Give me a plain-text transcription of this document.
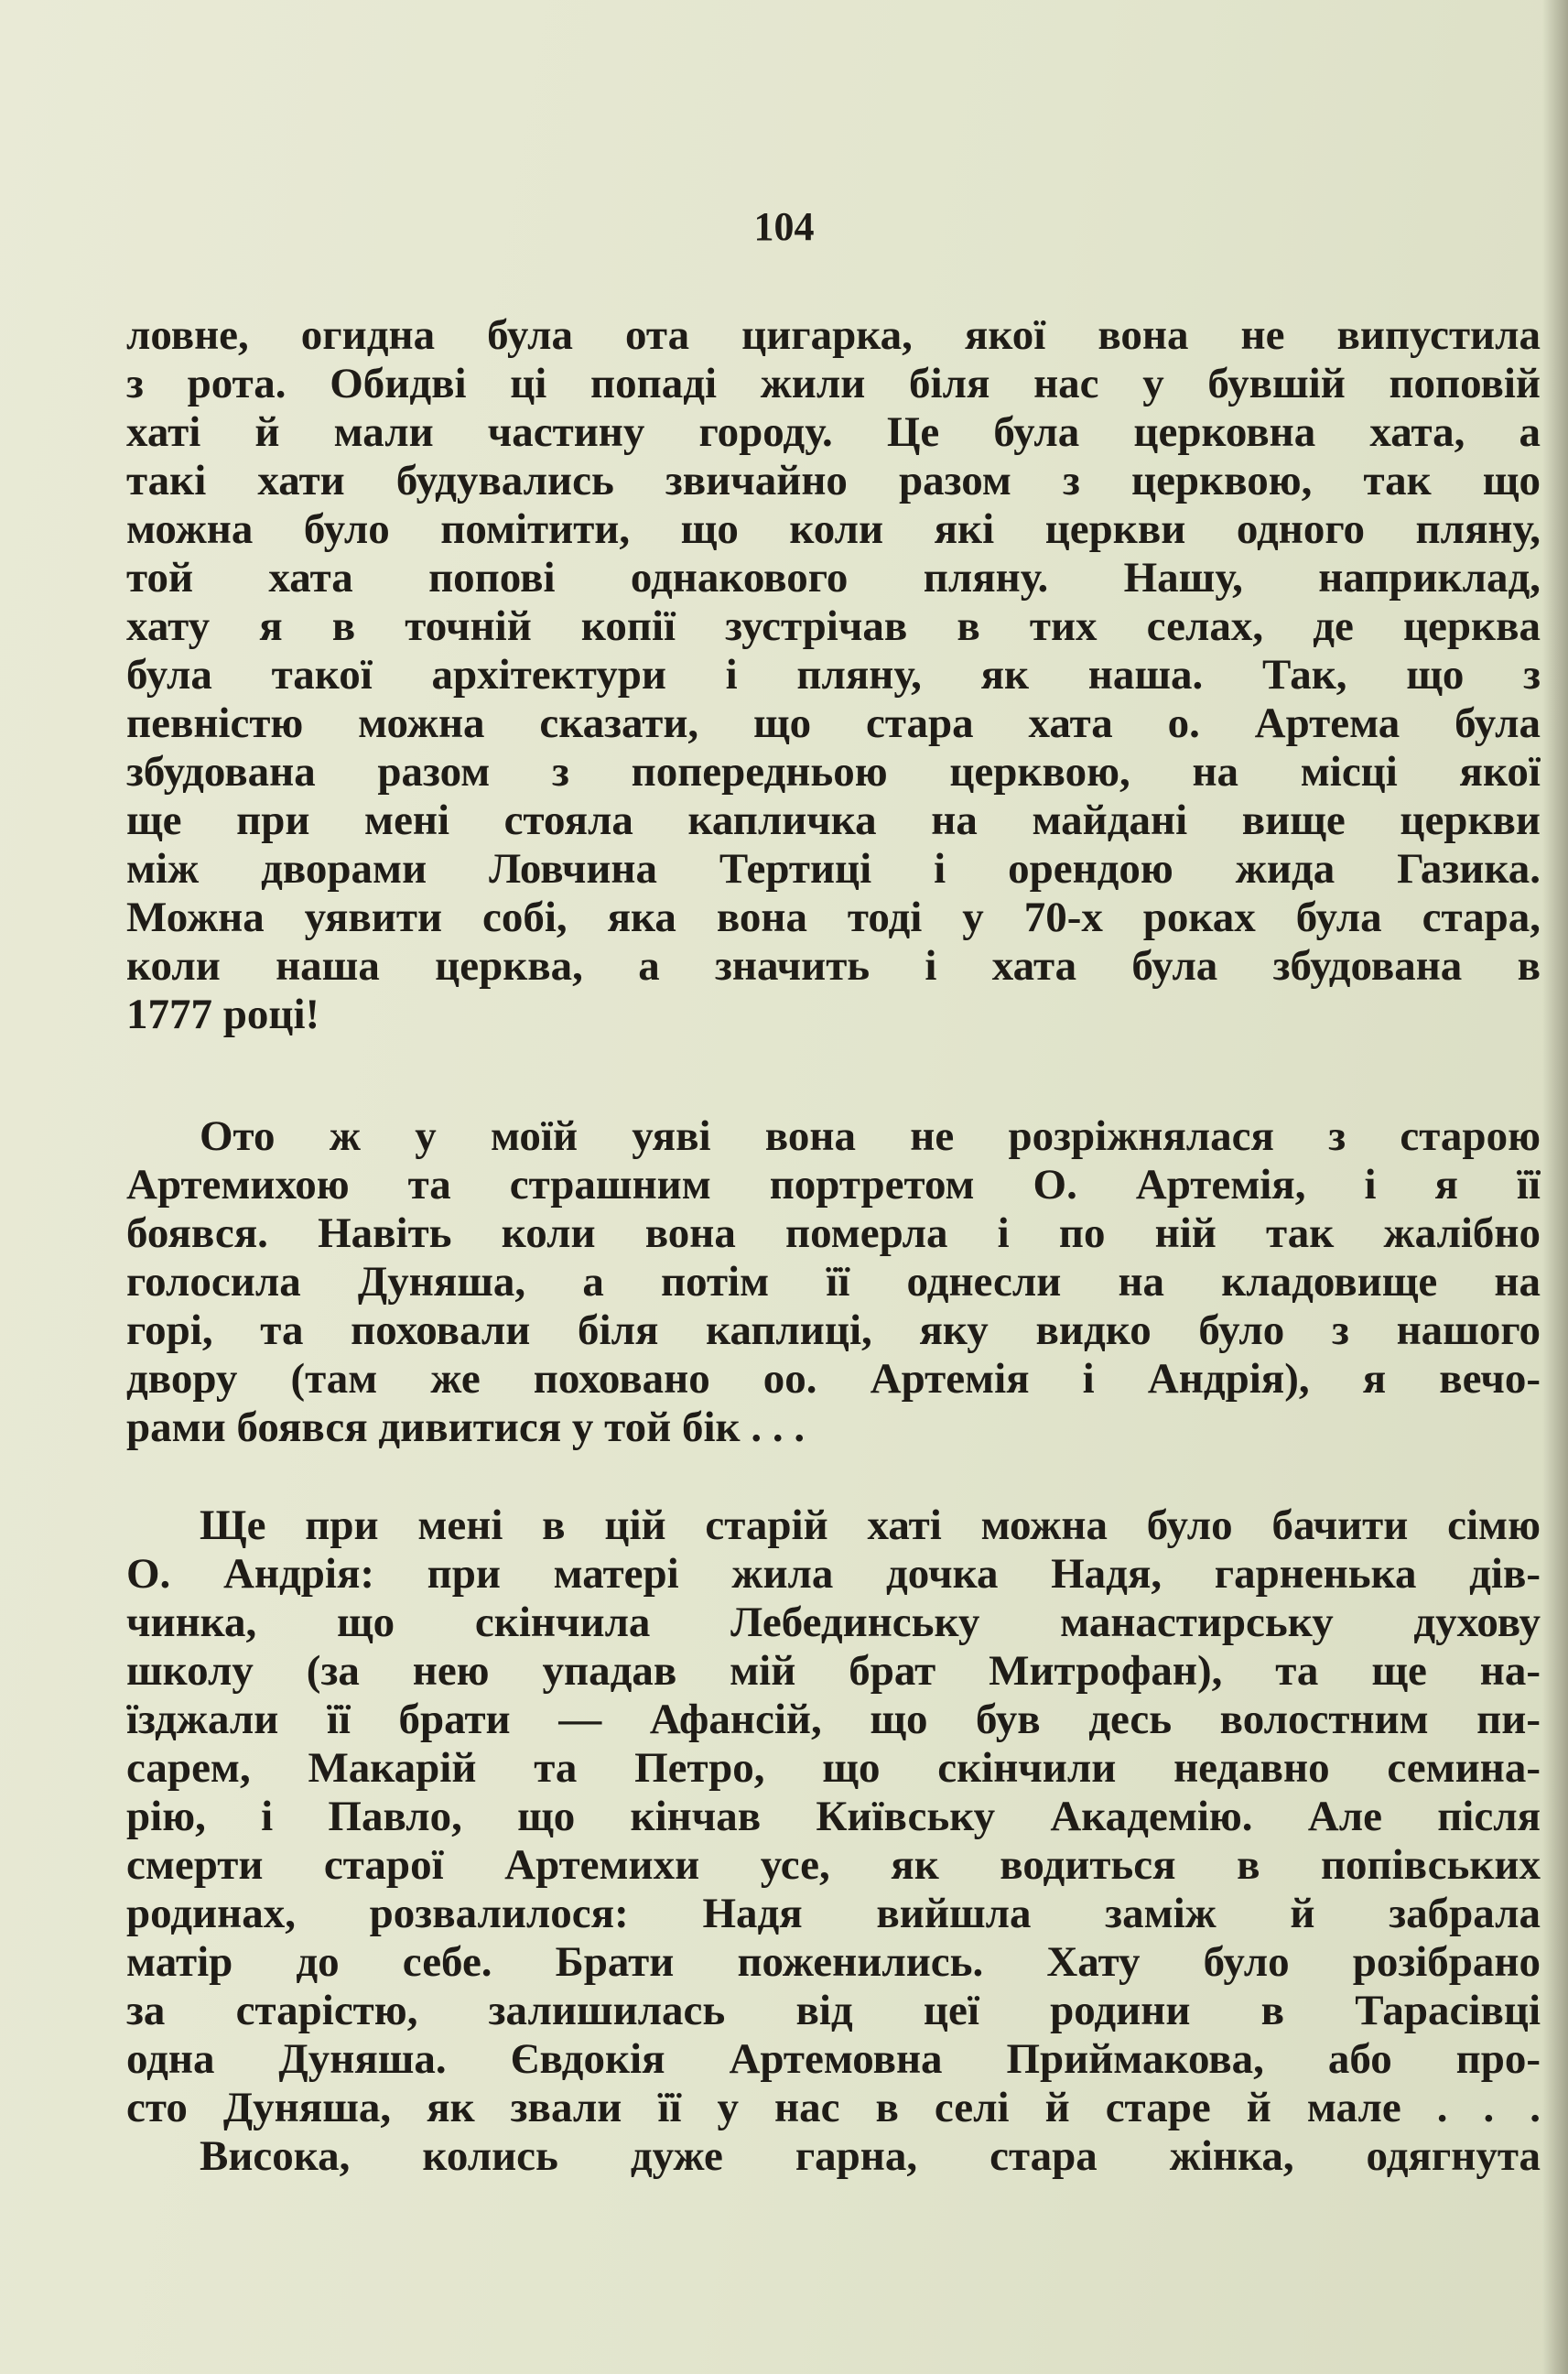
104

ловне, огидна була ота цигарка, якої вона не випустила
з рота. Обидві ці попаді жили біля нас у бувшій поповій
хаті й мали частину городу. Це була церковна хата, а
такі хати будувались звичайно разом з церквою, так що
можна було помітити, що коли які церкви одного пляну,
той хата попові однакового пляну. Нашу, наприклад,
хату я в точній копії зустрічав в тих селах, де церква
була такої архітектури і пляну, як наша. Так, що з
певністю можна сказати, що стара хата о. Артема була
збудована разом з попередньою церквою, на місці якої
ще при мені стояла капличка на майдані вище церкви
між дворами Ловчина Тертиці і орендою жида Газика.
Можна уявити собі, яка вона тоді у 70-х роках була стара,
коли наша церква, а значить і хата була збудована в
1777 році!
Ото ж у моїй уяві вона не розріжнялася з старою
Артемихою та страшним портретом О. Артемія, і я її
боявся. Навіть коли вона померла і по ній так жалібно
голосила Дуняша, а потім її однесли на кладовище на
горі, та поховали біля каплиці, яку видко було з нашого
двору (там же поховано оо. Артемія і Андрія), я вечо-
рами боявся дивитися у той бік . . .
Ще при мені в цій старій хаті можна було бачити сімю
О. Андрія: при матері жила дочка Надя, гарненька дів-
чинка, що скінчила Лебединську манастирську духову
школу (за нею упадав мій брат Митрофан), та ще на-
їзджали її брати — Афансій, що був десь волостним пи-
сарем, Макарій та Петро, що скінчили недавно семина-
рію, і Павло, що кінчав Київську Академію. Але після
смерти старої Артемихи усе, як водиться в попівських
родинах, розвалилося: Надя вийшла заміж й забрала
матір до себе. Брати поженились. Хату було розібрано
за старістю, залишилась від цеї родини в Тарасівці
одна Дуняша. Євдокія Артемовна Приймакова, або про-
сто Дуняша, як звали її у нас в селі й старе й мале . . .
Висока, колись дуже гарна, стара жінка, одягнута
